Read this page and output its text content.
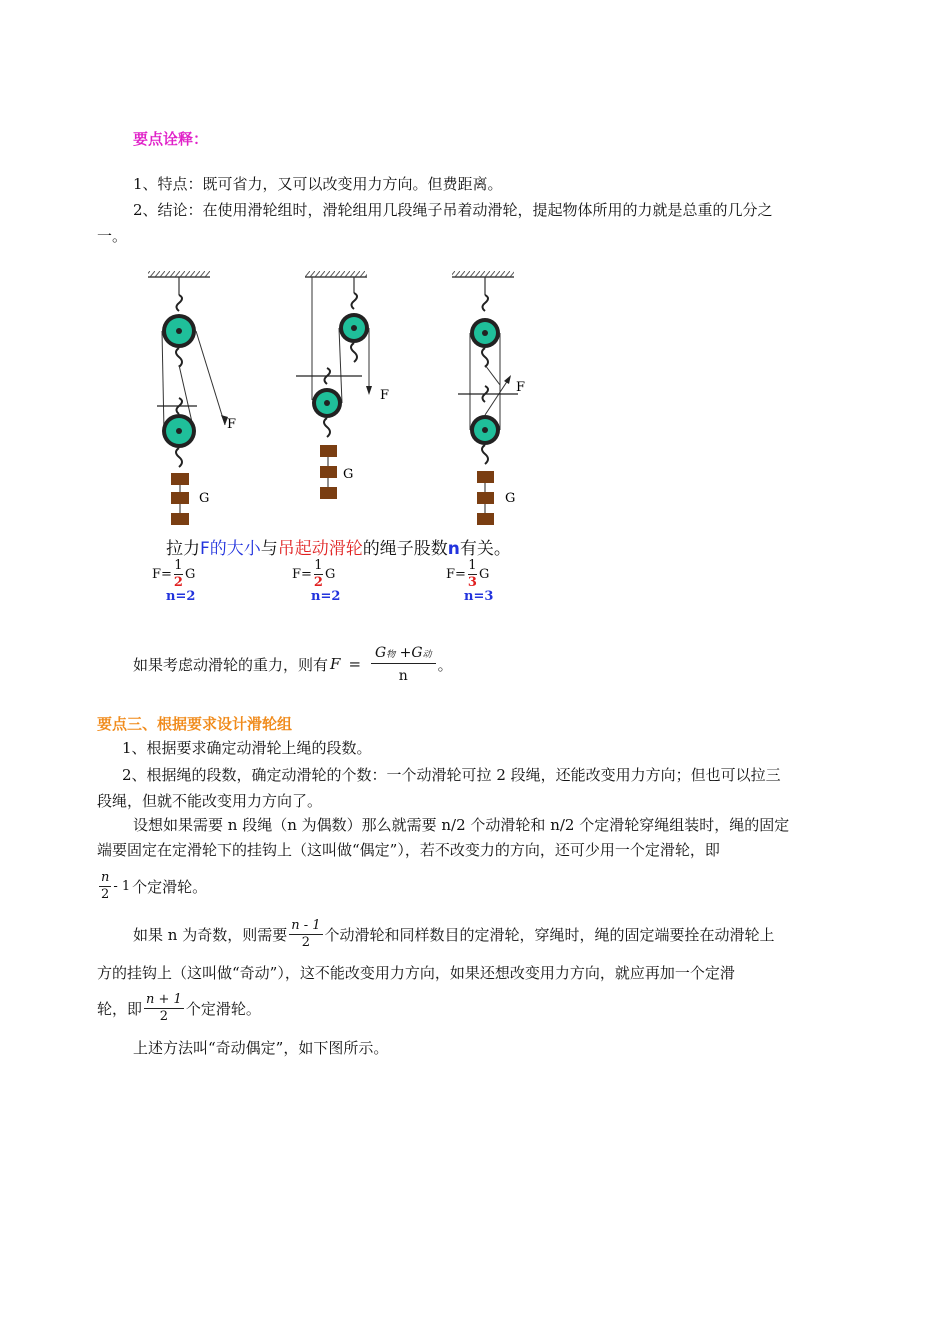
要点诠释：
1、特点：既可省力，又可以改变用力方向。但费距离。
2、结论：在使用滑轮组时，滑轮组用几段绳子吊着动滑轮，提起物体所用的力就是总重的几分之
一。
F
G
F
G
F
G
拉力F的大小与吊起动滑轮的绳子股数n有关。
$F= \frac{1}{2}$ G
n=2
$F= \frac{1}{2}$ G
n=2
$F= \frac{1}{3}$ G
n=3
如果考虑动滑轮的重力，则有 $F = \frac{\text{G物 +G动}}{n}$ 。
要点三、根据要求设计滑轮组
1、根据要求确定动滑轮上绳的段数。
2、根据绳的段数，确定动滑轮的个数：一个动滑轮可拉 2 段绳，还能改变用力方向；但也可以拉三
段绳，但就不能改变用力方向了。
设想如果需要 n 段绳（n 为偶数）那么就需要 n/2 个动滑轮和 n/2 个定滑轮穿绳组装时，绳的固定
端要固定在定滑轮下的挂钩上（这叫做“偶定”），若不改变力的方向，还可少用一个定滑轮，即
$\frac{n}{2} - 1$ 个定滑轮。
如果 n 为奇数，则需要 $\frac{n - 1}{2}$ 个动滑轮和同样数目的定滑轮，穿绳时，绳的固定端要拴在动滑轮上
方的挂钩上（这叫做“奇动”），这不能改变用力方向，如果还想改变用力方向，就应再加一个定滑
轮，即 $\frac{n + 1}{2}$ 个定滑轮。
上述方法叫“奇动偶定”，如下图所示。
